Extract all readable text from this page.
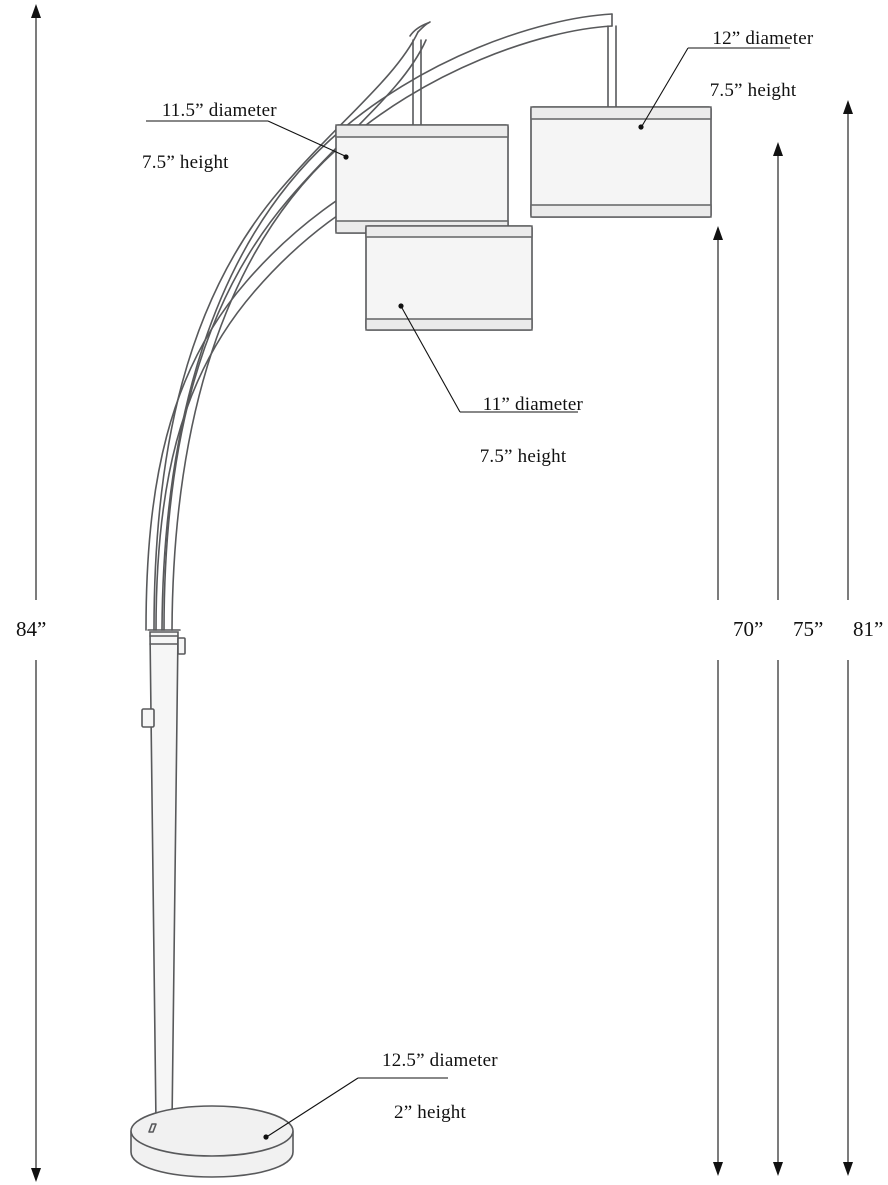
12” diameter

7.5” height

11.5” diameter

7.5” height

11” diameter

7.5” height

12.5” diameter

2” height

84”	70” 75” 81”
